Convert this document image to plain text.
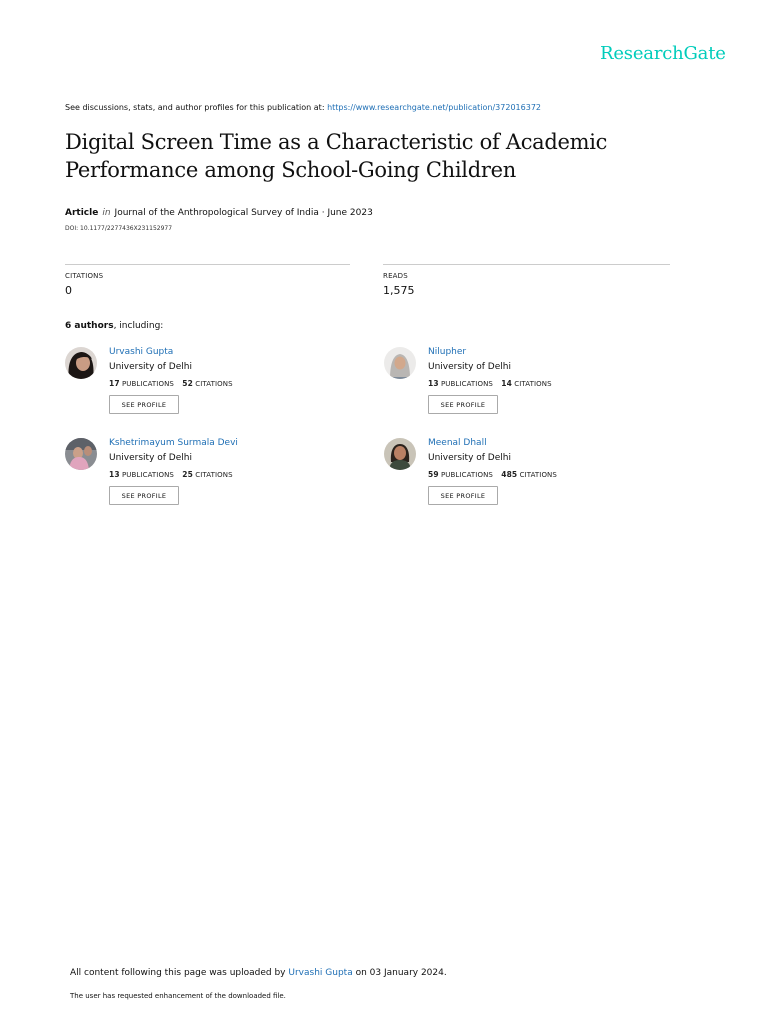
ResearchGate
See discussions, stats, and author profiles for this publication at: https://www.researchgate.net/publication/372016372
Digital Screen Time as a Characteristic of Academic Performance among School-Going Children
Article in Journal of the Anthropological Survey of India · June 2023
DOI: 10.1177/2277436X231152977
CITATIONS
0
READS
1,575
6 authors, including:
Urvashi Gupta
University of Delhi
17 PUBLICATIONS 52 CITATIONS
SEE PROFILE
Nilupher
University of Delhi
13 PUBLICATIONS 14 CITATIONS
SEE PROFILE
Kshetrimayum Surmala Devi
University of Delhi
13 PUBLICATIONS 25 CITATIONS
SEE PROFILE
Meenal Dhall
University of Delhi
59 PUBLICATIONS 485 CITATIONS
SEE PROFILE
All content following this page was uploaded by Urvashi Gupta on 03 January 2024.
The user has requested enhancement of the downloaded file.
